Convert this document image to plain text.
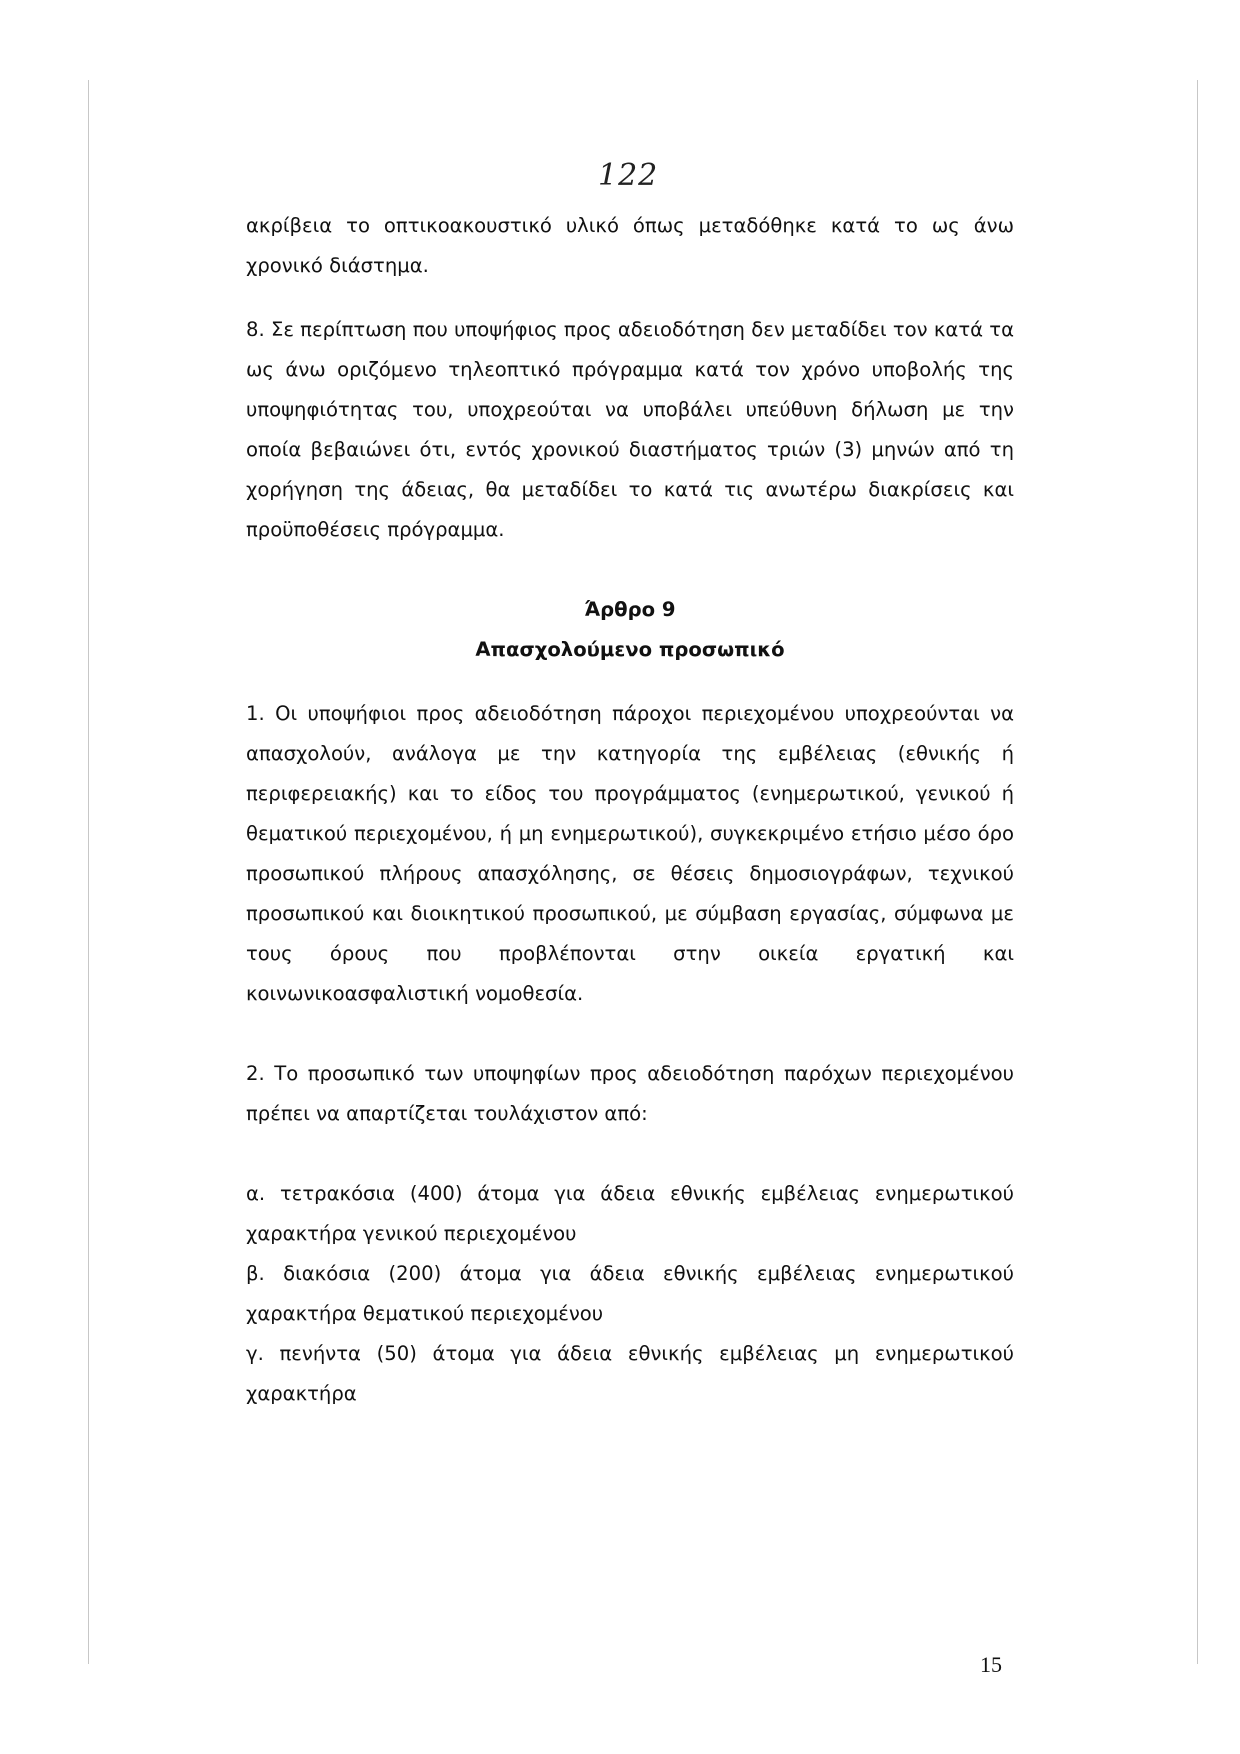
122

ακρίβεια το οπτικοακουστικό υλικό όπως μεταδόθηκε κατά το ως άνω χρονικό διάστημα.

8. Σε περίπτωση που υποψήφιος προς αδειοδότηση δεν μεταδίδει τον κατά τα ως άνω οριζόμενο τηλεοπτικό πρόγραμμα κατά τον χρόνο υποβολής της υποψηφιότητας του, υποχρεούται να υποβάλει υπεύθυνη δήλωση με την οποία βεβαιώνει ότι, εντός χρονικού διαστήματος τριών (3) μηνών από τη χορήγηση της άδειας, θα μεταδίδει το κατά τις ανωτέρω διακρίσεις και προϋποθέσεις πρόγραμμα.

Άρθρο 9
Απασχολούμενο προσωπικό

1. Οι υποψήφιοι προς αδειοδότηση πάροχοι περιεχομένου υποχρεούνται να απασχολούν, ανάλογα με την κατηγορία της εμβέλειας (εθνικής ή περιφερειακής) και το είδος του προγράμματος (ενημερωτικού, γενικού ή θεματικού περιεχομένου, ή μη ενημερωτικού), συγκεκριμένο ετήσιο μέσο όρο προσωπικού πλήρους απασχόλησης, σε θέσεις δημοσιογράφων, τεχνικού προσωπικού και διοικητικού προσωπικού, με σύμβαση εργασίας, σύμφωνα με τους όρους που προβλέπονται στην οικεία εργατική και κοινωνικοασφαλιστική νομοθεσία.

2. Το προσωπικό των υποψηφίων προς αδειοδότηση παρόχων περιεχομένου πρέπει να απαρτίζεται τουλάχιστον από:

α. τετρακόσια (400) άτομα για άδεια εθνικής εμβέλειας ενημερωτικού χαρακτήρα γενικού περιεχομένου

β. διακόσια (200) άτομα για άδεια εθνικής εμβέλειας ενημερωτικού χαρακτήρα θεματικού περιεχομένου

γ. πενήντα (50) άτομα για άδεια εθνικής εμβέλειας μη ενημερωτικού χαρακτήρα

15
